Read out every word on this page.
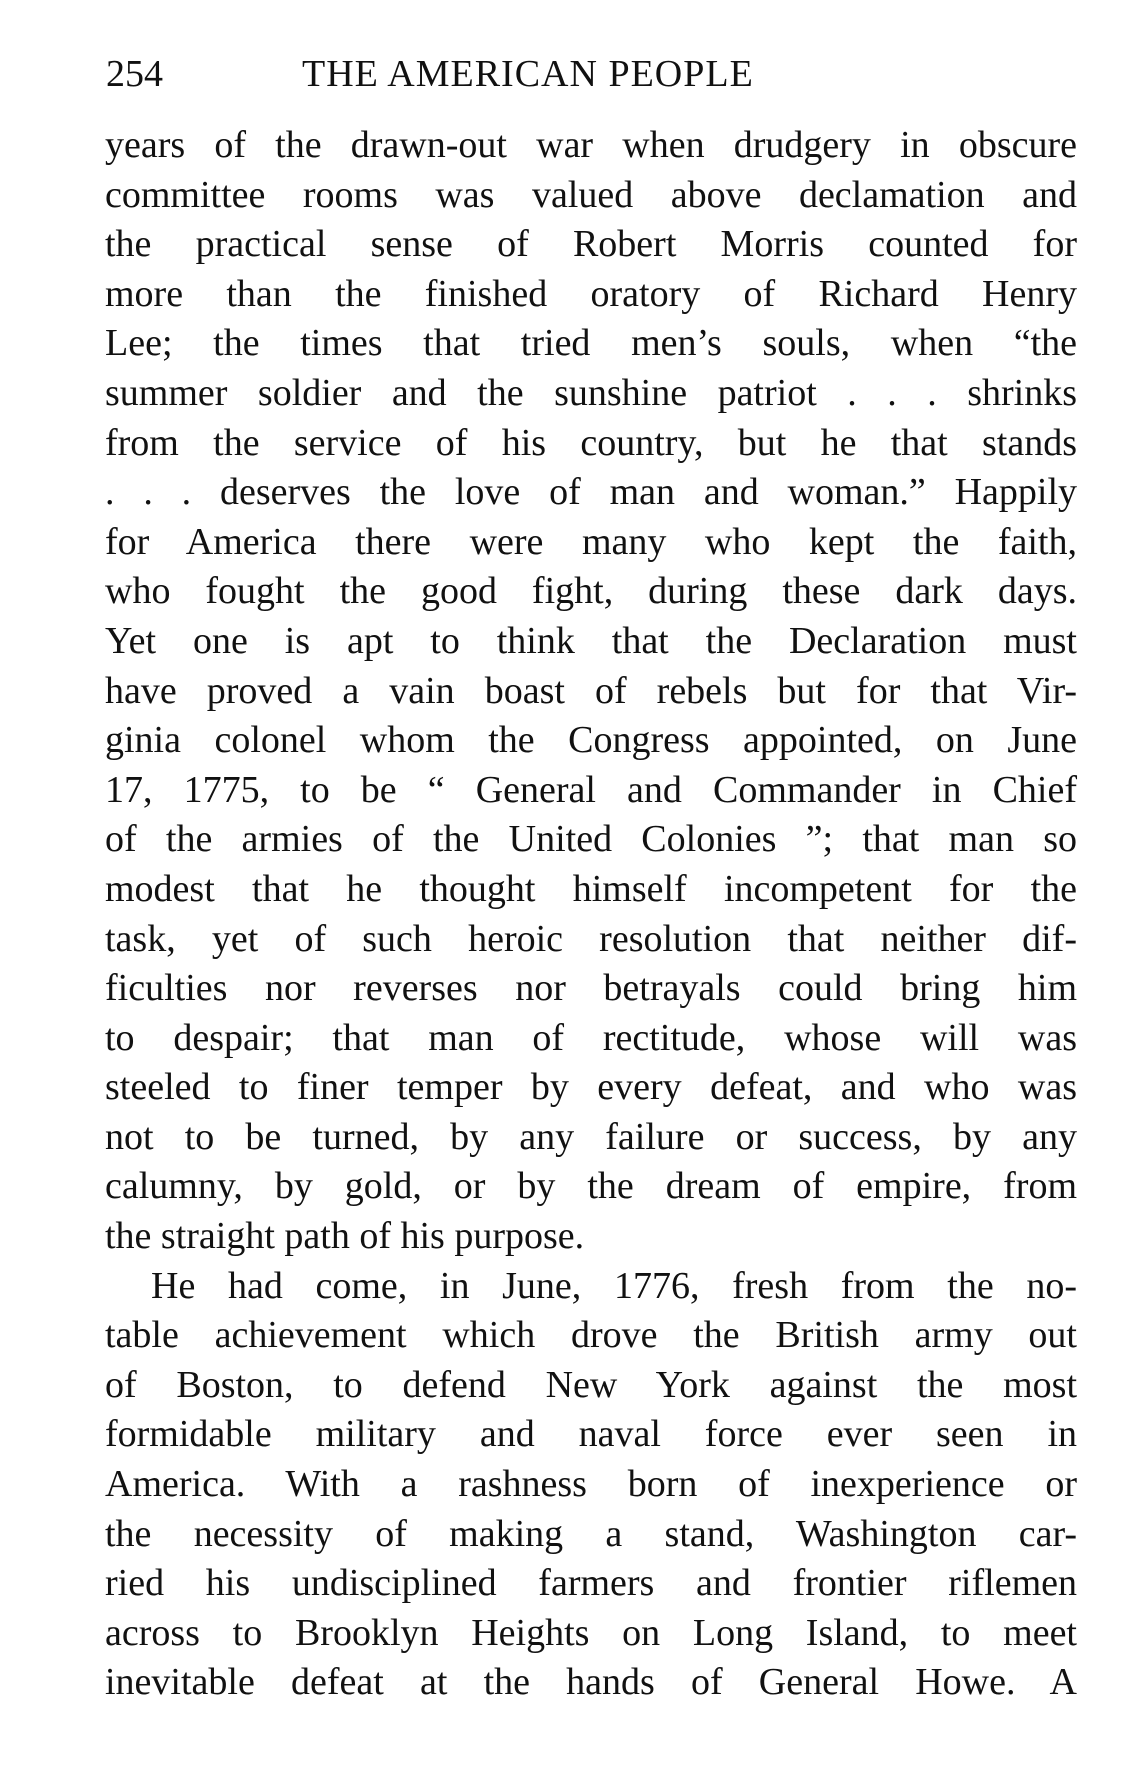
254	THE AMERICAN PEOPLE
years of the drawn-out war when drudgery in obscure
committee rooms was valued above declamation and
the practical sense of Robert Morris counted for
more than the finished oratory of Richard Henry
Lee; the times that tried men’s souls, when “the
summer soldier and the sunshine patriot . . . shrinks
from the service of his country, but he that stands
. . . deserves the love of man and woman.” Happily
for America there were many who kept the faith,
who fought the good fight, during these dark days.
Yet one is apt to think that the Declaration must
have proved a vain boast of rebels but for that Vir-
ginia colonel whom the Congress appointed, on June
17, 1775, to be “ General and Commander in Chief
of the armies of the United Colonies ”; that man so
modest that he thought himself incompetent for the
task, yet of such heroic resolution that neither dif-
ficulties nor reverses nor betrayals could bring him
to despair; that man of rectitude, whose will was
steeled to finer temper by every defeat, and who was
not to be turned, by any failure or success, by any
calumny, by gold, or by the dream of empire, from
the straight path of his purpose.
He had come, in June, 1776, fresh from the no-
table achievement which drove the British army out
of Boston, to defend New York against the most
formidable military and naval force ever seen in
America. With a rashness born of inexperience or
the necessity of making a stand, Washington car-
ried his undisciplined farmers and frontier riflemen
across to Brooklyn Heights on Long Island, to meet
inevitable defeat at the hands of General Howe. A
